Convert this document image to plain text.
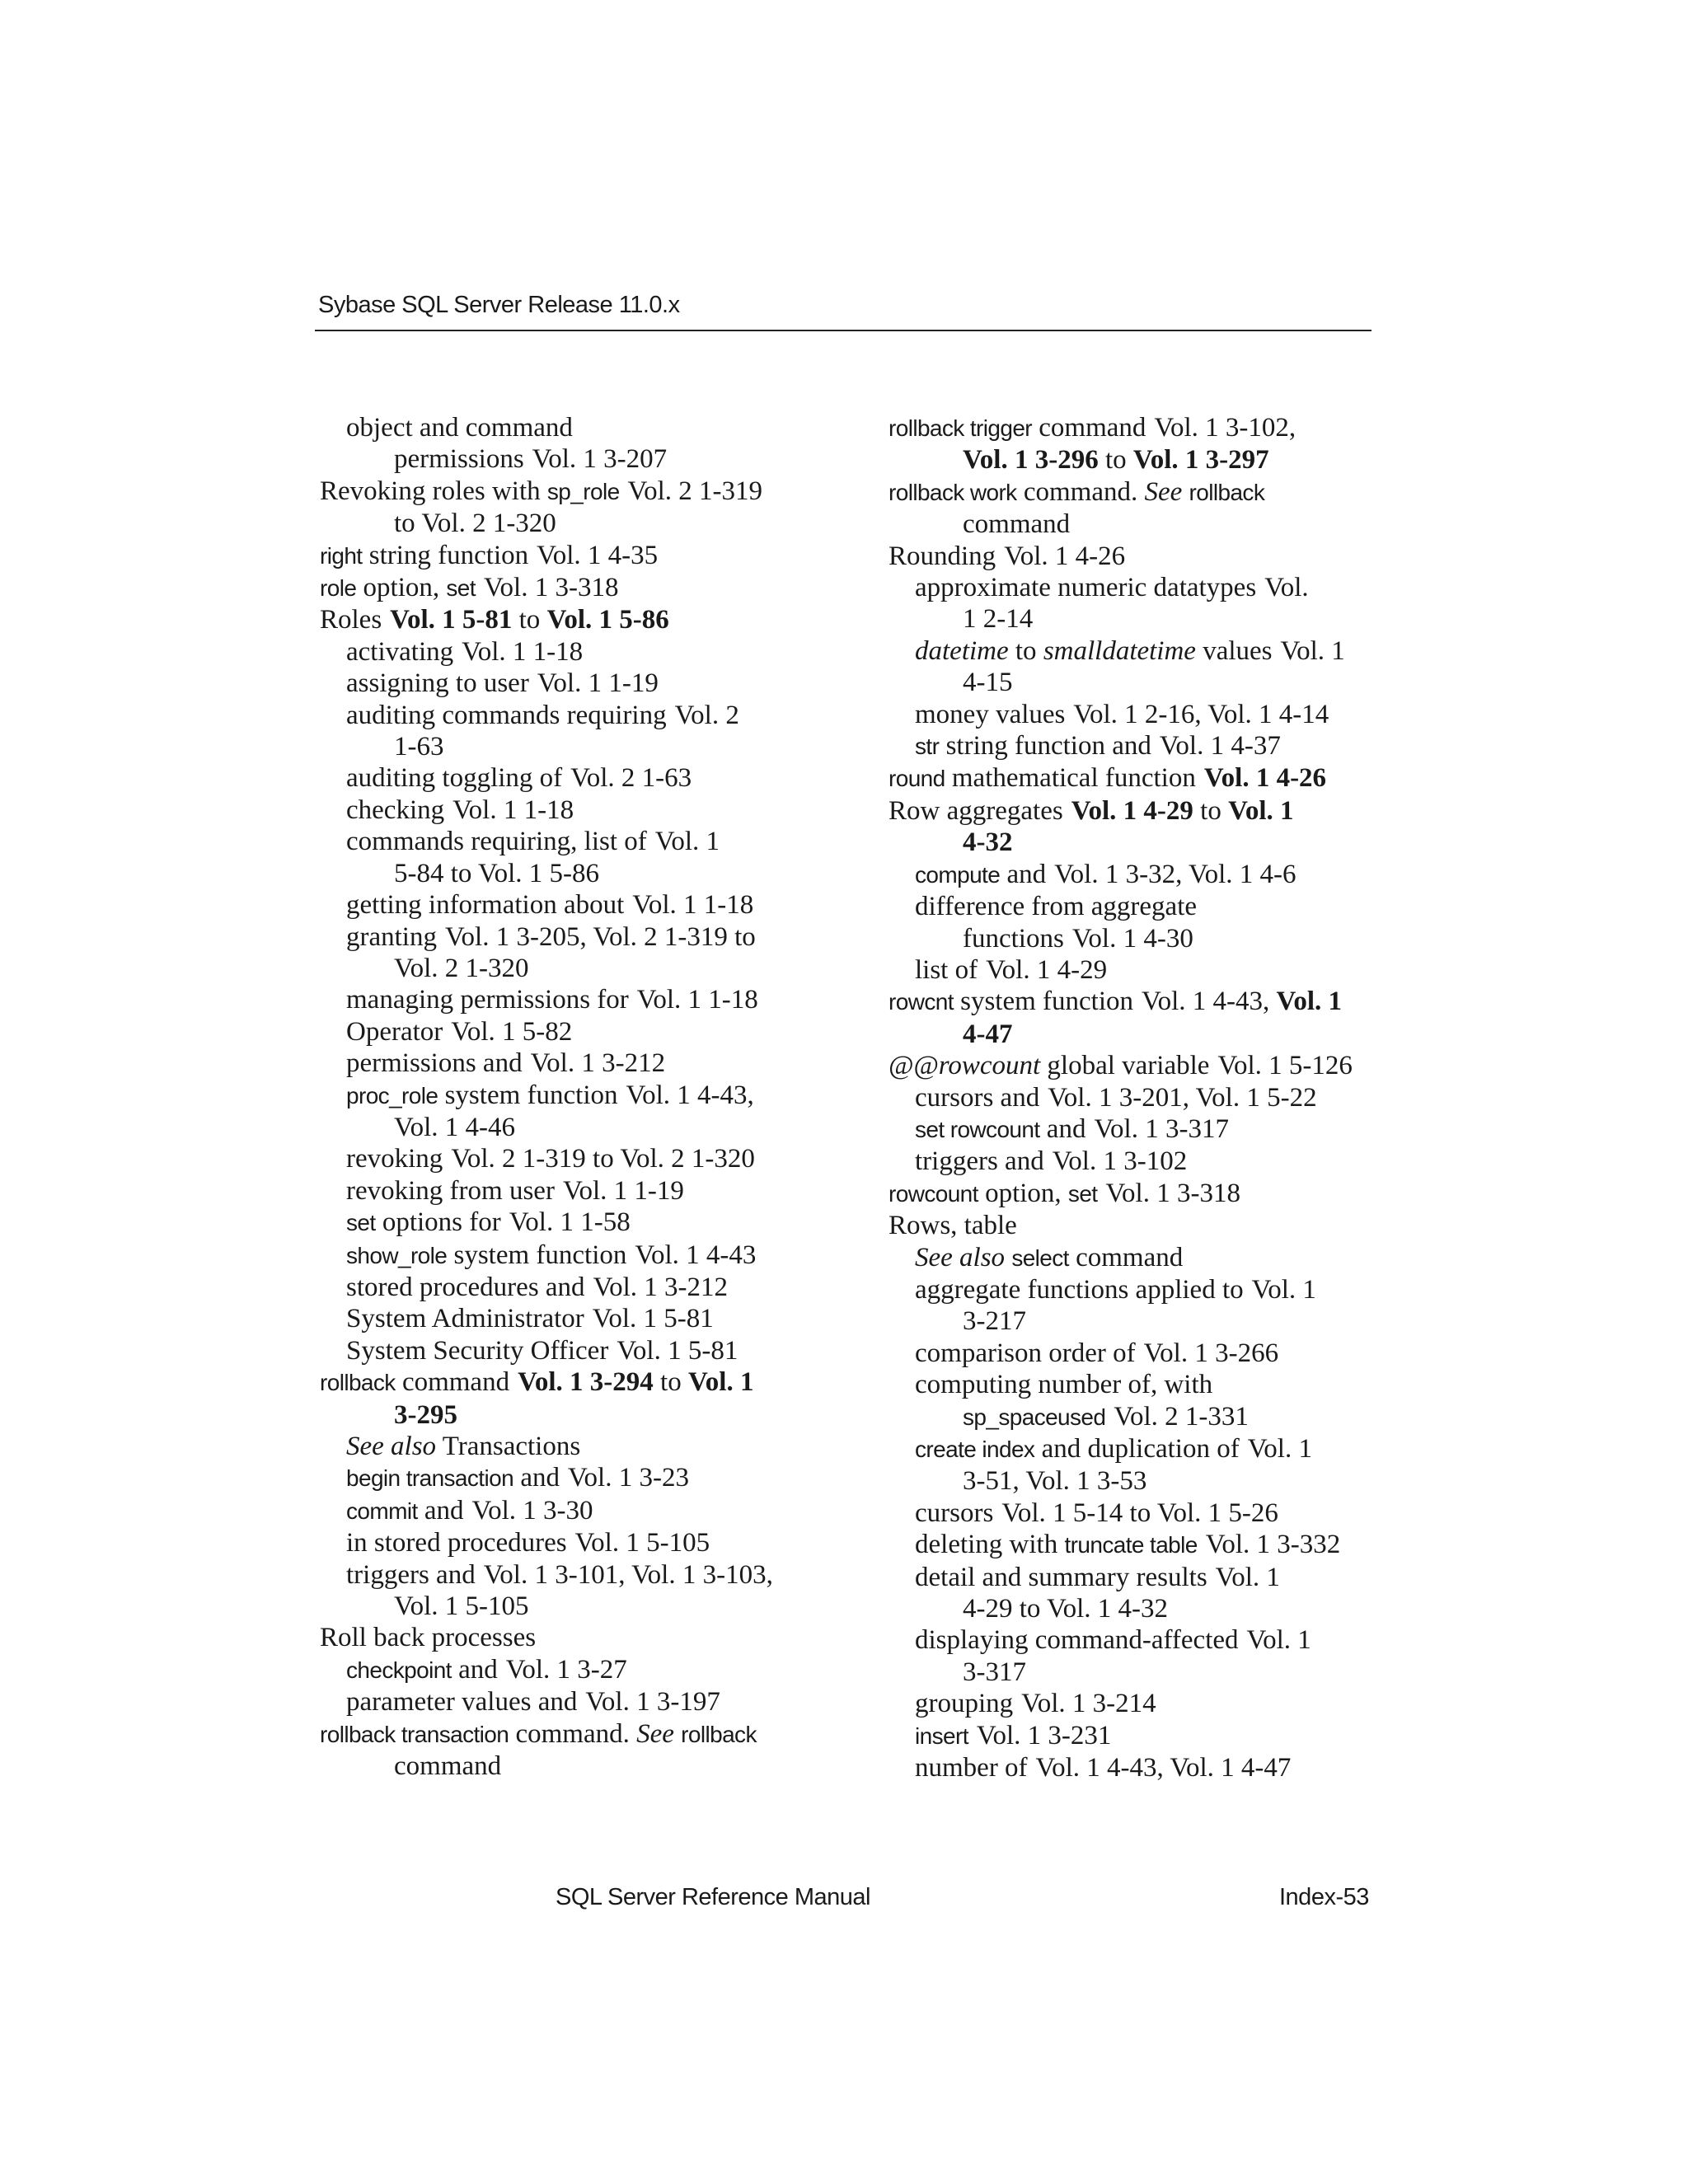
Sybase SQL Server Release 11.0.x
object and command
permissions Vol. 1 3-207
Revoking roles with sp_role Vol. 2 1-319
to Vol. 2 1-320
right string function Vol. 1 4-35
role option, set Vol. 1 3-318
Roles Vol. 1 5-81 to Vol. 1 5-86
activating Vol. 1 1-18
assigning to user Vol. 1 1-19
auditing commands requiring Vol. 2
1-63
auditing toggling of Vol. 2 1-63
checking Vol. 1 1-18
commands requiring, list of Vol. 1
5-84 to Vol. 1 5-86
getting information about Vol. 1 1-18
granting Vol. 1 3-205, Vol. 2 1-319 to
Vol. 2 1-320
managing permissions for Vol. 1 1-18
Operator Vol. 1 5-82
permissions and Vol. 1 3-212
proc_role system function Vol. 1 4-43,
Vol. 1 4-46
revoking Vol. 2 1-319 to Vol. 2 1-320
revoking from user Vol. 1 1-19
set options for Vol. 1 1-58
show_role system function Vol. 1 4-43
stored procedures and Vol. 1 3-212
System Administrator Vol. 1 5-81
System Security Officer Vol. 1 5-81
rollback command Vol. 1 3-294 to Vol. 1
3-295
See also Transactions
begin transaction and Vol. 1 3-23
commit and Vol. 1 3-30
in stored procedures Vol. 1 5-105
triggers and Vol. 1 3-101, Vol. 1 3-103,
Vol. 1 5-105
Roll back processes
checkpoint and Vol. 1 3-27
parameter values and Vol. 1 3-197
rollback transaction command. See rollback
command
rollback trigger command Vol. 1 3-102,
Vol. 1 3-296 to Vol. 1 3-297
rollback work command. See rollback
command
Rounding Vol. 1 4-26
approximate numeric datatypes Vol.
1 2-14
datetime to smalldatetime values Vol. 1
4-15
money values Vol. 1 2-16, Vol. 1 4-14
str string function and Vol. 1 4-37
round mathematical function Vol. 1 4-26
Row aggregates Vol. 1 4-29 to Vol. 1
4-32
compute and Vol. 1 3-32, Vol. 1 4-6
difference from aggregate
functions Vol. 1 4-30
list of Vol. 1 4-29
rowcnt system function Vol. 1 4-43, Vol. 1
4-47
@@rowcount global variable Vol. 1 5-126
cursors and Vol. 1 3-201, Vol. 1 5-22
set rowcount and Vol. 1 3-317
triggers and Vol. 1 3-102
rowcount option, set Vol. 1 3-318
Rows, table
See also select command
aggregate functions applied to Vol. 1
3-217
comparison order of Vol. 1 3-266
computing number of, with
sp_spaceused Vol. 2 1-331
create index and duplication of Vol. 1
3-51, Vol. 1 3-53
cursors Vol. 1 5-14 to Vol. 1 5-26
deleting with truncate table Vol. 1 3-332
detail and summary results Vol. 1
4-29 to Vol. 1 4-32
displaying command-affected Vol. 1
3-317
grouping Vol. 1 3-214
insert Vol. 1 3-231
number of Vol. 1 4-43, Vol. 1 4-47
SQL Server Reference Manual	Index-53
